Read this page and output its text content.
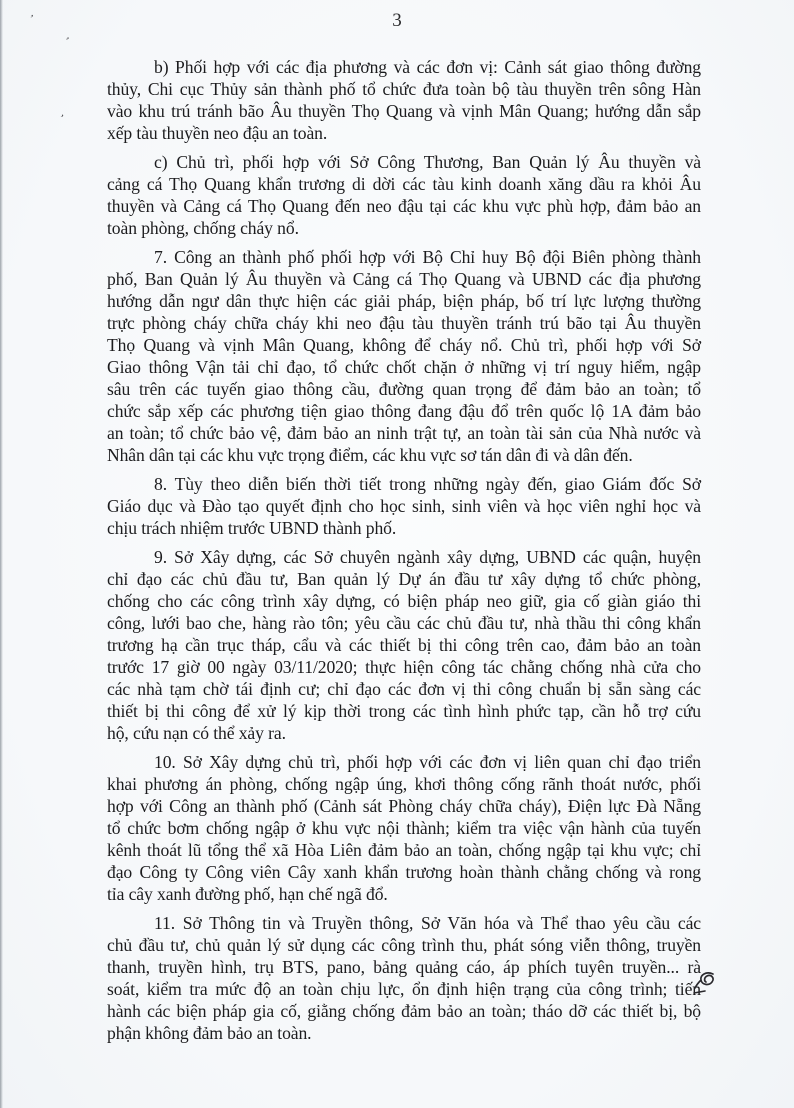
3
b) Phối hợp với các địa phương và các đơn vị: Cảnh sát giao thông đường
thủy, Chi cục Thủy sản thành phố tổ chức đưa toàn bộ tàu thuyền trên sông Hàn
vào khu trú tránh bão Âu thuyền Thọ Quang và vịnh Mân Quang; hướng dẫn sắp
xếp tàu thuyền neo đậu an toàn.
c) Chủ trì, phối hợp với Sở Công Thương, Ban Quản lý Âu thuyền và
cảng cá Thọ Quang khẩn trương di dời các tàu kinh doanh xăng dầu ra khỏi Âu
thuyền và Cảng cá Thọ Quang đến neo đậu tại các khu vực phù hợp, đảm bảo an
toàn phòng, chống cháy nổ.
7. Công an thành phố phối hợp với Bộ Chỉ huy Bộ đội Biên phòng thành
phố, Ban Quản lý Âu thuyền và Cảng cá Thọ Quang và UBND các địa phương
hướng dẫn ngư dân thực hiện các giải pháp, biện pháp, bố trí lực lượng thường
trực phòng cháy chữa cháy khi neo đậu tàu thuyền tránh trú bão tại Âu thuyền
Thọ Quang và vịnh Mân Quang, không để cháy nổ. Chủ trì, phối hợp với Sở
Giao thông Vận tải chỉ đạo, tổ chức chốt chặn ở những vị trí nguy hiểm, ngập
sâu trên các tuyến giao thông cầu, đường quan trọng để đảm bảo an toàn; tổ
chức sắp xếp các phương tiện giao thông đang đậu đổ trên quốc lộ 1A đảm bảo
an toàn; tổ chức bảo vệ, đảm bảo an ninh trật tự, an toàn tài sản của Nhà nước và
Nhân dân tại các khu vực trọng điểm, các khu vực sơ tán dân đi và dân đến.
8. Tùy theo diễn biến thời tiết trong những ngày đến, giao Giám đốc Sở
Giáo dục và Đào tạo quyết định cho học sinh, sinh viên và học viên nghỉ học và
chịu trách nhiệm trước UBND thành phố.
9. Sở Xây dựng, các Sở chuyên ngành xây dựng, UBND các quận, huyện
chỉ đạo các chủ đầu tư, Ban quản lý Dự án đầu tư xây dựng tổ chức phòng,
chống cho các công trình xây dựng, có biện pháp neo giữ, gia cố giàn giáo thi
công, lưới bao che, hàng rào tôn; yêu cầu các chủ đầu tư, nhà thầu thi công khẩn
trương hạ cần trục tháp, cẩu và các thiết bị thi công trên cao, đảm bảo an toàn
trước 17 giờ 00 ngày 03/11/2020; thực hiện công tác chằng chống nhà cửa cho
các nhà tạm chờ tái định cư; chỉ đạo các đơn vị thi công chuẩn bị sẵn sàng các
thiết bị thi công để xử lý kịp thời trong các tình hình phức tạp, cần hỗ trợ cứu
hộ, cứu nạn có thể xảy ra.
10. Sở Xây dựng chủ trì, phối hợp với các đơn vị liên quan chỉ đạo triển
khai phương án phòng, chống ngập úng, khơi thông cống rãnh thoát nước, phối
hợp với Công an thành phố (Cảnh sát Phòng cháy chữa cháy), Điện lực Đà Nẵng
tổ chức bơm chống ngập ở khu vực nội thành; kiểm tra việc vận hành của tuyến
kênh thoát lũ tổng thể xã Hòa Liên đảm bảo an toàn, chống ngập tại khu vực; chỉ
đạo Công ty Công viên Cây xanh khẩn trương hoàn thành chằng chống và rong
tỉa cây xanh đường phố, hạn chế ngã đổ.
11. Sở Thông tin và Truyền thông, Sở Văn hóa và Thể thao yêu cầu các
chủ đầu tư, chủ quản lý sử dụng các công trình thu, phát sóng viễn thông, truyền
thanh, truyền hình, trụ BTS, pano, bảng quảng cáo, áp phích tuyên truyền... rà
soát, kiểm tra mức độ an toàn chịu lực, ổn định hiện trạng của công trình; tiến
hành các biện pháp gia cố, giằng chống đảm bảo an toàn; tháo dỡ các thiết bị, bộ
phận không đảm bảo an toàn.
ʼ
,
,
